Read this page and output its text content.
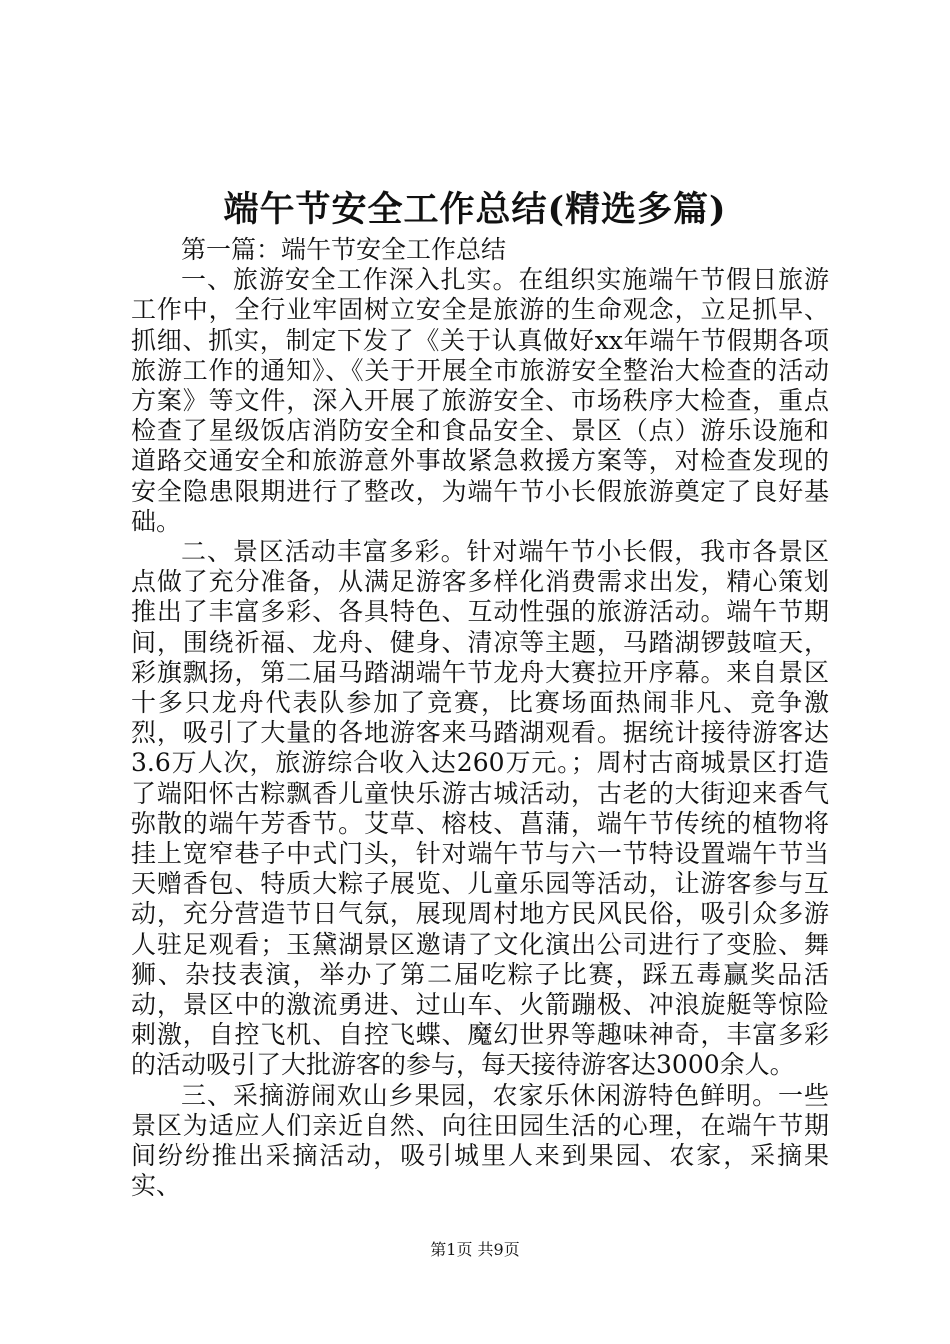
端午节安全工作总结(精选多篇)

第一篇：端午节安全工作总结

一、旅游安全工作深入扎实。在组织实施端午节假日旅游工作中，全行业牢固树立安全是旅游的生命观念，立足抓早、抓细、抓实，制定下发了《关于认真做好xx年端午节假期各项旅游工作的通知》、《关于开展全市旅游安全整治大检查的活动方案》等文件，深入开展了旅游安全、市场秩序大检查，重点检查了星级饭店消防安全和食品安全、景区（点）游乐设施和道路交通安全和旅游意外事故紧急救援方案等，对检查发现的安全隐患限期进行了整改，为端午节小长假旅游奠定了良好基础。

二、景区活动丰富多彩。针对端午节小长假，我市各景区点做了充分准备，从满足游客多样化消费需求出发，精心策划推出了丰富多彩、各具特色、互动性强的旅游活动。端午节期间，围绕祈福、龙舟、健身、清凉等主题，马踏湖锣鼓喧天，彩旗飘扬，第二届马踏湖端午节龙舟大赛拉开序幕。来自景区十多只龙舟代表队参加了竞赛，比赛场面热闹非凡、竞争激烈，吸引了大量的各地游客来马踏湖观看。据统计接待游客达3.6万人次，旅游综合收入达260万元。；周村古商城景区打造了端阳怀古粽飘香儿童快乐游古城活动，古老的大街迎来香气弥散的端午芳香节。艾草、榕枝、菖蒲，端午节传统的植物将挂上宽窄巷子中式门头，针对端午节与六一节特设置端午节当天赠香包、特质大粽子展览、儿童乐园等活动，让游客参与互动，充分营造节日气氛，展现周村地方民风民俗，吸引众多游人驻足观看；玉黛湖景区邀请了文化演出公司进行了变脸、舞狮、杂技表演，举办了第二届吃粽子比赛，踩五毒赢奖品活动，景区中的激流勇进、过山车、火箭蹦极、冲浪旋艇等惊险刺激，自控飞机、自控飞蝶、魔幻世界等趣味神奇，丰富多彩的活动吸引了大批游客的参与，每天接待游客达3000余人。

三、采摘游闹欢山乡果园，农家乐休闲游特色鲜明。一些景区为适应人们亲近自然、向往田园生活的心理，在端午节期间纷纷推出采摘活动，吸引城里人来到果园、农家，采摘果实、

第1页 共9页
